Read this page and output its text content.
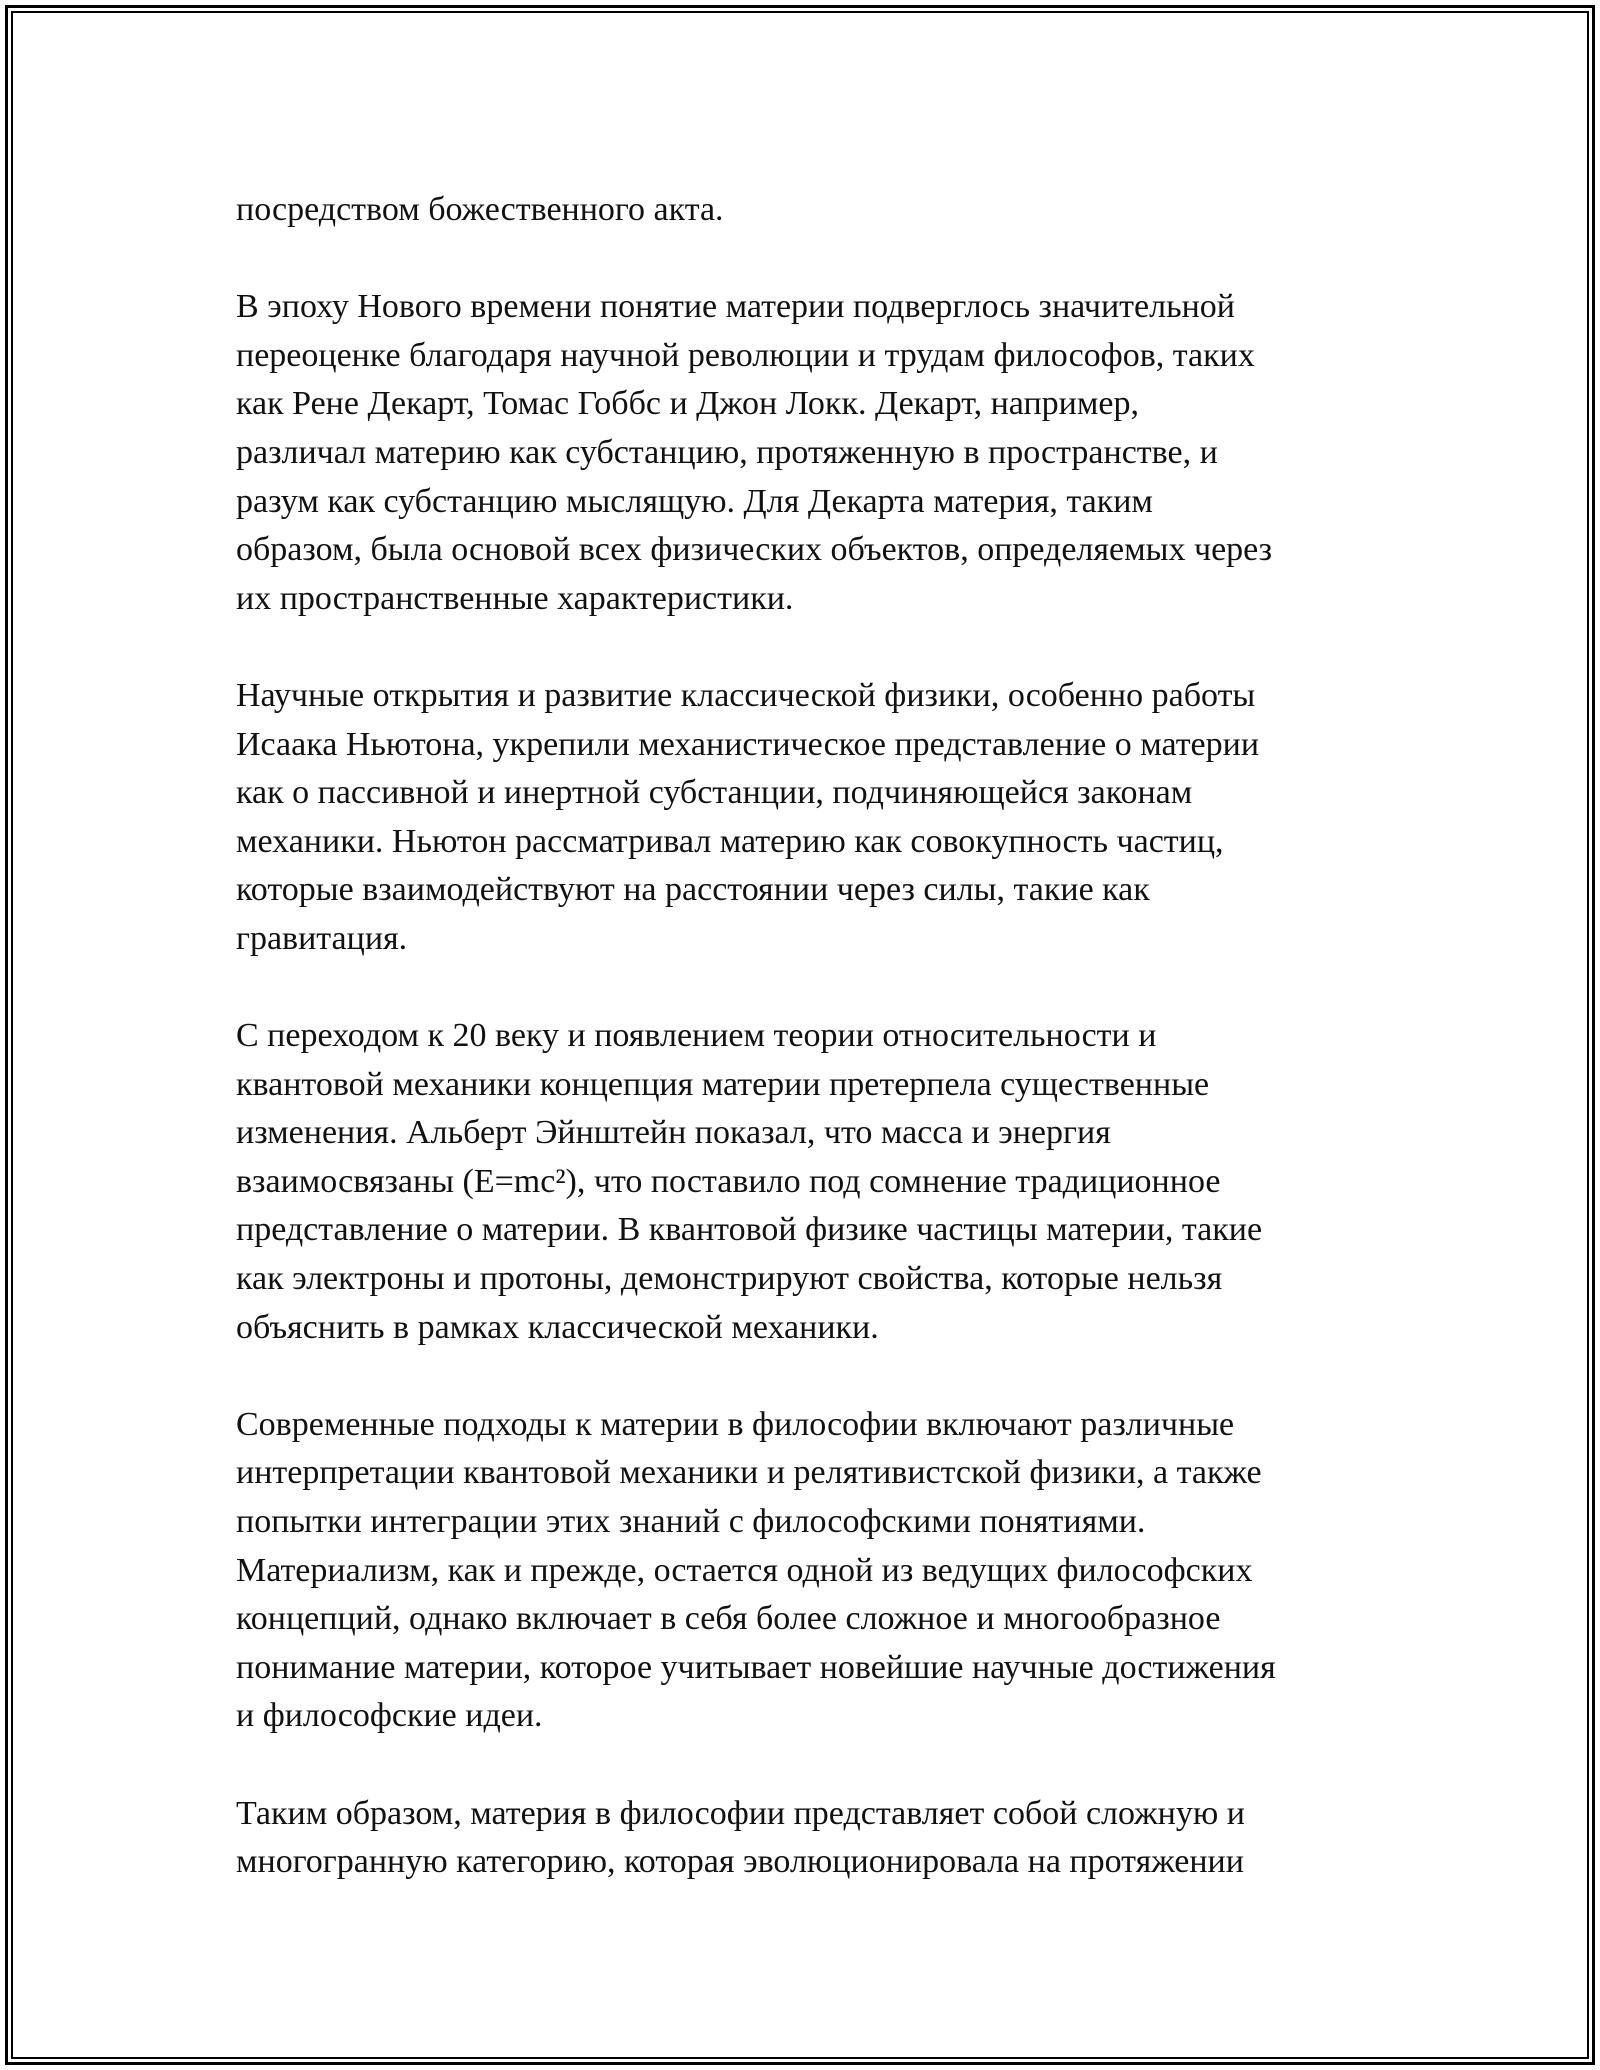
посредством божественного акта.

В эпоху Нового времени понятие материи подверглось значительной
переоценке благодаря научной революции и трудам философов, таких
как Рене Декарт, Томас Гоббс и Джон Локк. Декарт, например,
различал материю как субстанцию, протяженную в пространстве, и
разум как субстанцию мыслящую. Для Декарта материя, таким
образом, была основой всех физических объектов, определяемых через
их пространственные характеристики.

Научные открытия и развитие классической физики, особенно работы
Исаака Ньютона, укрепили механистическое представление о материи
как о пассивной и инертной субстанции, подчиняющейся законам
механики. Ньютон рассматривал материю как совокупность частиц,
которые взаимодействуют на расстоянии через силы, такие как
гравитация.

С переходом к 20 веку и появлением теории относительности и
квантовой механики концепция материи претерпела существенные
изменения. Альберт Эйнштейн показал, что масса и энергия
взаимосвязаны (E=mc²), что поставило под сомнение традиционное
представление о материи. В квантовой физике частицы материи, такие
как электроны и протоны, демонстрируют свойства, которые нельзя
объяснить в рамках классической механики.

Современные подходы к материи в философии включают различные
интерпретации квантовой механики и релятивистской физики, а также
попытки интеграции этих знаний с философскими понятиями.
Материализм, как и прежде, остается одной из ведущих философских
концепций, однако включает в себя более сложное и многообразное
понимание материи, которое учитывает новейшие научные достижения
и философские идеи.

Таким образом, материя в философии представляет собой сложную и
многогранную категорию, которая эволюционировала на протяжении
